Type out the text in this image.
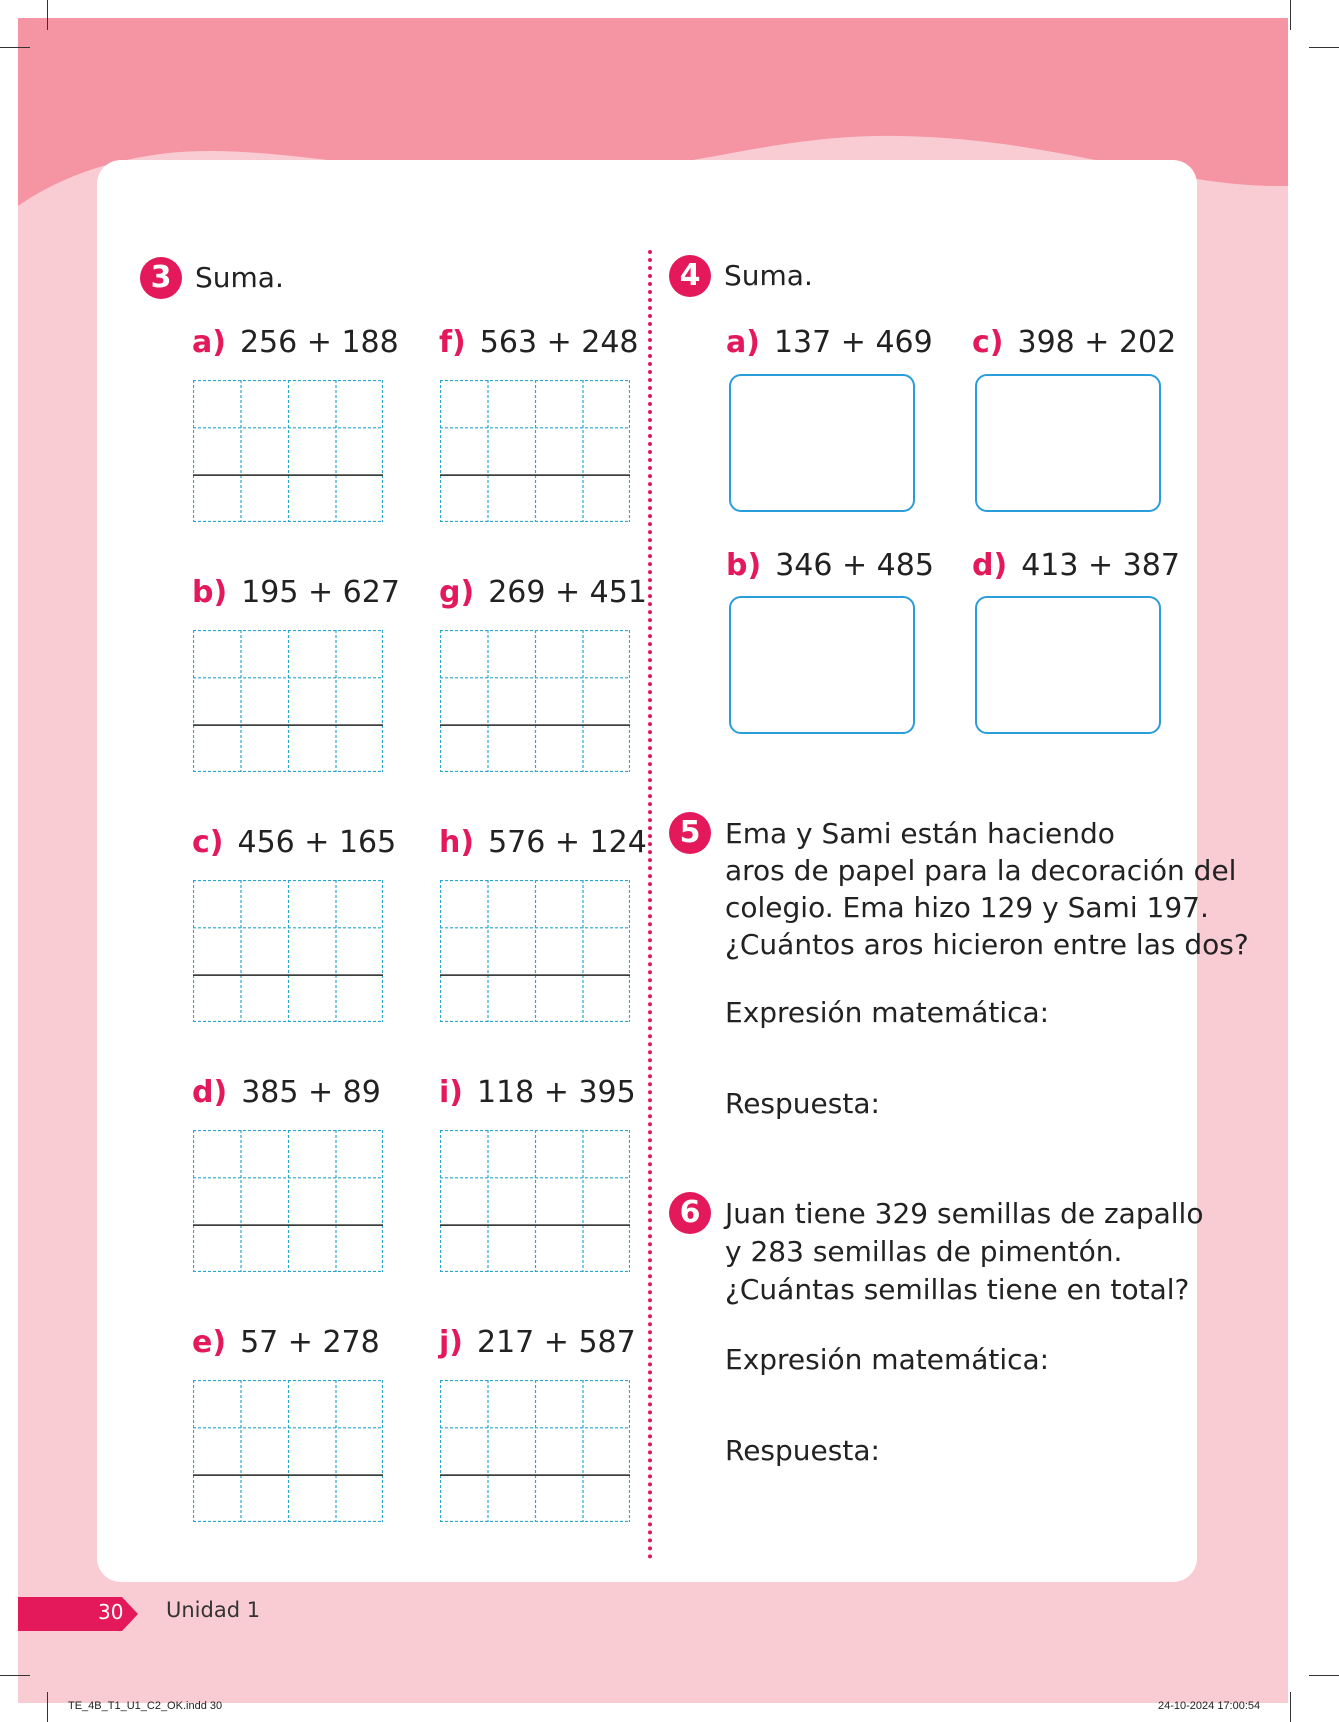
3 Suma.
a) 256 + 188
b) 195 + 627
c) 456 + 165
d) 385 + 89
e) 57 + 278
f) 563 + 248
g) 269 + 451
h) 576 + 124
i) 118 + 395
j) 217 + 587
4 Suma.
a) 137 + 469 c) 398 + 202
b) 346 + 485 d) 413 + 387
5 Ema y Sami están haciendo
aros de papel para la decoración del
colegio. Ema hizo 129 y Sami 197.
¿Cuántos aros hicieron entre las dos?
Expresión matemática:
Respuesta:
6 Juan tiene 329 semillas de zapallo
y 283 semillas de pimentón.
¿Cuántas semillas tiene en total?
Expresión matemática:
Respuesta:
30 Unidad 1
TE_4B_T1_U1_C2_OK.indd 30	24-10-2024 17:00:54
